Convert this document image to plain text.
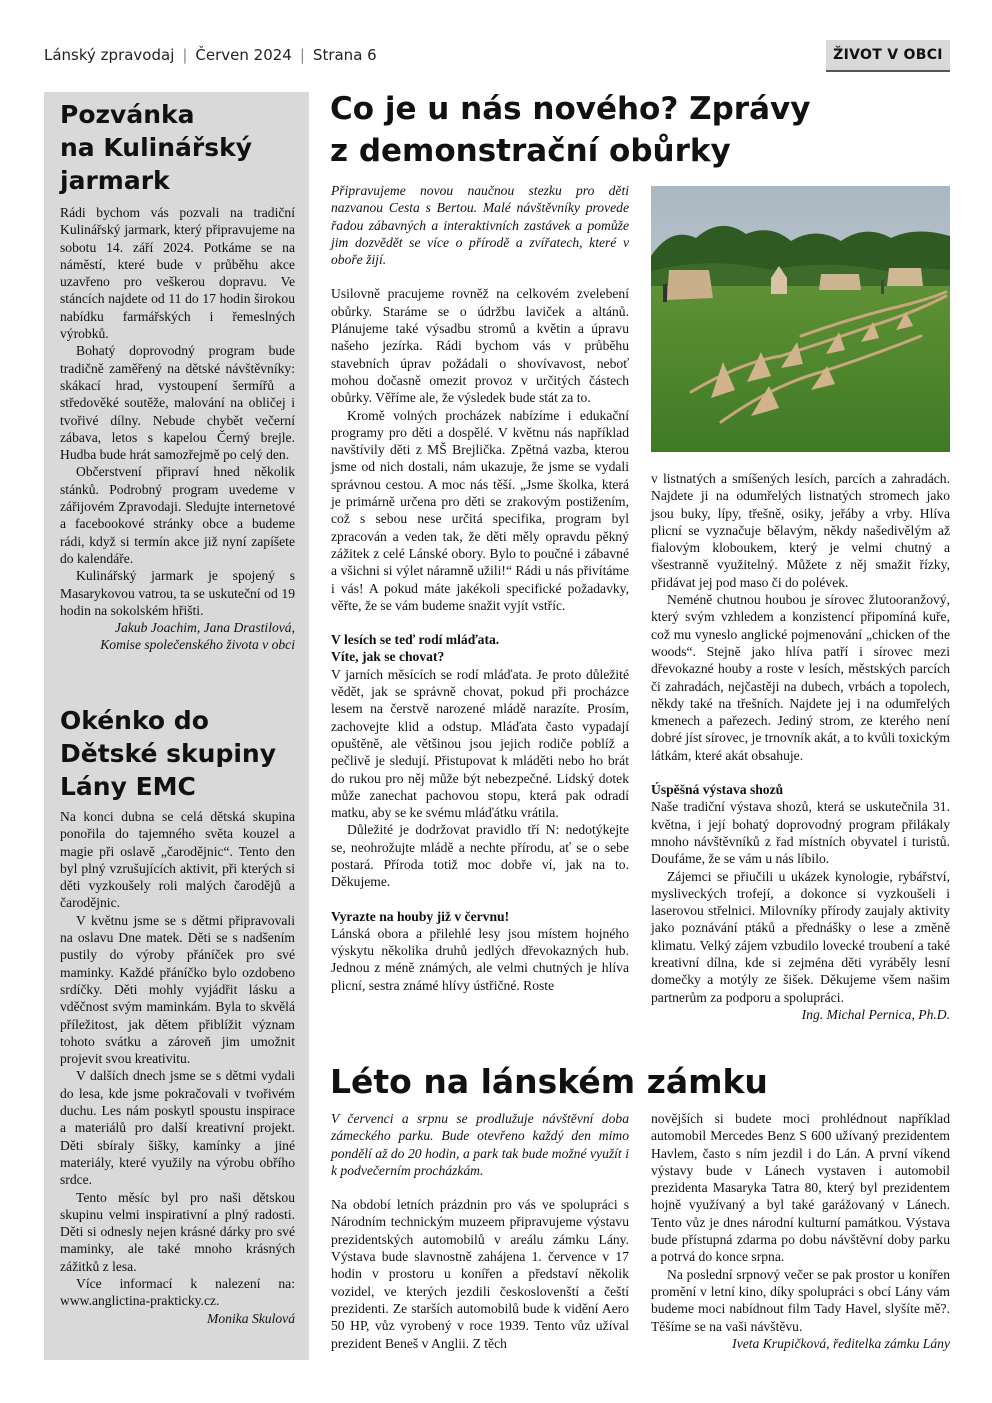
Lánský zpravodaj | Červen 2024 | Strana 6	ŽIVOT V OBCI
Pozvánka
na Kulinářský
jarmark

Rádi bychom vás pozvali na tradiční Kulinářský jarmark, který připravujeme na sobotu 14. září 2024. Potkáme se na náměstí, které bude v průběhu akce uzavřeno pro veškerou dopravu. Ve stáncích najdete od 11 do 17 hodin širokou nabídku farmářských i řemeslných výrobků.

Bohatý doprovodný program bude tradičně zaměřený na dětské návštěvníky: skákací hrad, vystoupení šermířů a středověké soutěže, malování na obličej i tvořivé dílny. Nebude chybět večerní zábava, letos s kapelou Černý brejle. Hudba bude hrát samozřejmě po celý den.

Občerstvení připraví hned několik stánků. Podrobný program uvedeme v zářijovém Zpravodaji. Sledujte internetové a facebookové stránky obce a budeme rádi, když si termín akce již nyní zapíšete do kalendáře.

Kulinářský jarmark je spojený s Masarykovou vatrou, ta se uskuteční od 19 hodin na sokolském hřišti.

Jakub Joachim, Jana Drastilová,

Komise společenského života v obci

Okénko do
Dětské skupiny
Lány EMC

Na konci dubna se celá dětská skupina ponořila do tajemného světa kouzel a magie při oslavě „čarodějnic“. Tento den byl plný vzrušujících aktivit, při kterých si děti vyzkoušely roli malých čarodějů a čarodějnic.

V květnu jsme se s dětmi připravovali na oslavu Dne matek. Děti se s nadšením pustily do výroby přáníček pro své maminky. Každé přáníčko bylo ozdobeno srdíčky. Děti mohly vyjádřit lásku a vděčnost svým maminkám. Byla to skvělá příležitost, jak dětem přiblížit význam tohoto svátku a zároveň jim umožnit projevit svou kreativitu.

V dalších dnech jsme se s dětmi vydali do lesa, kde jsme pokračovali v tvořivém duchu. Les nám poskytl spoustu inspirace a materiálů pro další kreativní projekt. Děti sbíraly šišky, kamínky a jiné materiály, které využily na výrobu obřího srdce.

Tento měsíc byl pro naši dětskou skupinu velmi inspirativní a plný radosti. Děti si odnesly nejen krásné dárky pro své maminky, ale také mnoho krásných zážitků z lesa.

Více informací k nalezení na: www.anglictina-prakticky.cz.

Monika Skulová

Co je u nás nového? Zprávy
z demonstrační obůrky

Připravujeme novou naučnou stezku pro děti nazvanou Cesta s Bertou. Malé návštěvníky provede řadou zábavných a interaktivních zastávek a pomůže jim dozvědět se více o přírodě a zvířatech, které v oboře žijí.

Usilovně pracujeme rovněž na celkovém zvelebení obůrky. Staráme se o údržbu laviček a altánů. Plánujeme také výsadbu stromů a květin a úpravu našeho jezírka. Rádi bychom vás v průběhu stavebních úprav požádali o shovívavost, neboť mohou dočasně omezit provoz v určitých částech obůrky. Věříme ale, že výsledek bude stát za to.

Kromě volných procházek nabízíme i edukační programy pro děti a dospělé. V květnu nás například navštívily děti z MŠ Brejlička. Zpětná vazba, kterou jsme od nich dostali, nám ukazuje, že jsme se vydali správnou cestou. A moc nás těší. „Jsme školka, která je primárně určena pro děti se zrakovým postižením, což s sebou nese určitá specifika, program byl zpracován a veden tak, že děti měly opravdu pěkný zážitek z celé Lánské obory. Bylo to poučné i zábavné a všichni si výlet náramně užili!“ Rádi u nás přivítáme i vás! A pokud máte jakékoli specifické požadavky, věřte, že se vám budeme snažit vyjít vstříc.

V lesích se teď rodí mláďata.

Víte, jak se chovat?

V jarních měsících se rodí mláďata. Je proto důležité vědět, jak se správně chovat, pokud při procházce lesem na čerstvě narozené mládě narazíte. Prosím, zachovejte klid a odstup. Mláďata často vypadají opuštěně, ale většinou jsou jejich rodiče poblíž a pečlivě je sledují. Přistupovat k mláděti nebo ho brát do rukou pro něj může být nebezpečné. Lidský dotek může zanechat pachovou stopu, která pak odradí matku, aby se ke svému mláďátku vrátila.

Důležité je dodržovat pravidlo tří N: nedotýkejte se, neohrožujte mládě a nechte přírodu, ať se o sebe postará. Příroda totiž moc dobře ví, jak na to. Děkujeme.

Vyrazte na houby již v červnu!

Lánská obora a přilehlé lesy jsou místem hojného výskytu několika druhů jedlých dřevokazných hub. Jednou z méně známých, ale velmi chutných je hlíva plicní, sestra známé hlívy ústřičné. Roste

v listnatých a smíšených lesích, parcích a zahradách. Najdete ji na odumřelých listnatých stromech jako jsou buky, lípy, třešně, osiky, jeřáby a vrby. Hlíva plicní se vyznačuje bělavým, někdy našedivělým až fialovým kloboukem, který je velmi chutný a všestranně využitelný. Můžete z něj smažit řízky, přidávat jej pod maso či do polévek.

Neméně chutnou houbou je sírovec žlutooranžový, který svým vzhledem a konzistencí připomíná kuře, což mu vyneslo anglické pojmenování „chicken of the woods“. Stejně jako hlíva patří i sírovec mezi dřevokazné houby a roste v lesích, městských parcích či zahradách, nejčastěji na dubech, vrbách a topolech, někdy také na třešních. Najdete jej i na odumřelých kmenech a pařezech. Jediný strom, ze kterého není dobré jíst sírovec, je trnovník akát, a to kvůli toxickým látkám, které akát obsahuje.

Úspěšná výstava shozů

Naše tradiční výstava shozů, která se uskutečnila 31. května, i její bohatý doprovodný program přilákaly mnoho návštěvníků z řad místních obyvatel i turistů. Doufáme, že se vám u nás líbilo.

Zájemci se přiučili u ukázek kynologie, rybářství, mysliveckých trofejí, a dokonce si vyzkoušeli i laserovou střelnici. Milovníky přírody zaujaly aktivity jako poznávání ptáků a přednášky o lese a změně klimatu. Velký zájem vzbudilo lovecké troubení a také kreativní dílna, kde si zejména děti vyráběly lesní domečky a motýly ze šišek. Děkujeme všem našim partnerům za podporu a spolupráci.

Ing. Michal Pernica, Ph.D.

Léto na lánském zámku

V červenci a srpnu se prodlužuje návštěvní doba zámeckého parku. Bude otevřeno každý den mimo pondělí až do 20 hodin, a park tak bude možné využít i k podvečerním procházkám.

Na období letních prázdnin pro vás ve spolupráci s Národním technickým muzeem připravujeme výstavu prezidentských automobilů v areálu zámku Lány. Výstava bude slavnostně zahájena 1. července v 17 hodin v prostoru u konířen a představí několik vozidel, ve kterých jezdili českoslovenští a čeští prezidenti. Ze starších automobilů bude k vidění Aero 50 HP, vůz vyrobený v roce 1939. Tento vůz užíval prezident Beneš v Anglii. Z těch

novějších si budete moci prohlédnout například automobil Mercedes Benz S 600 užívaný prezidentem Havlem, často s ním jezdil i do Lán. A první víkend výstavy bude v Lánech vystaven i automobil prezidenta Masaryka Tatra 80, který byl prezidentem hojně využívaný a byl také garážovaný v Lánech. Tento vůz je dnes národní kulturní památkou. Výstava bude přístupná zdarma po dobu návštěvní doby parku a potrvá do konce srpna.

Na poslední srpnový večer se pak prostor u konířen promění v letní kino, díky spolupráci s obcí Lány vám budeme moci nabídnout film Tady Havel, slyšíte mě?. Těšíme se na vaši návštěvu.

Iveta Krupičková, ředitelka zámku Lány
